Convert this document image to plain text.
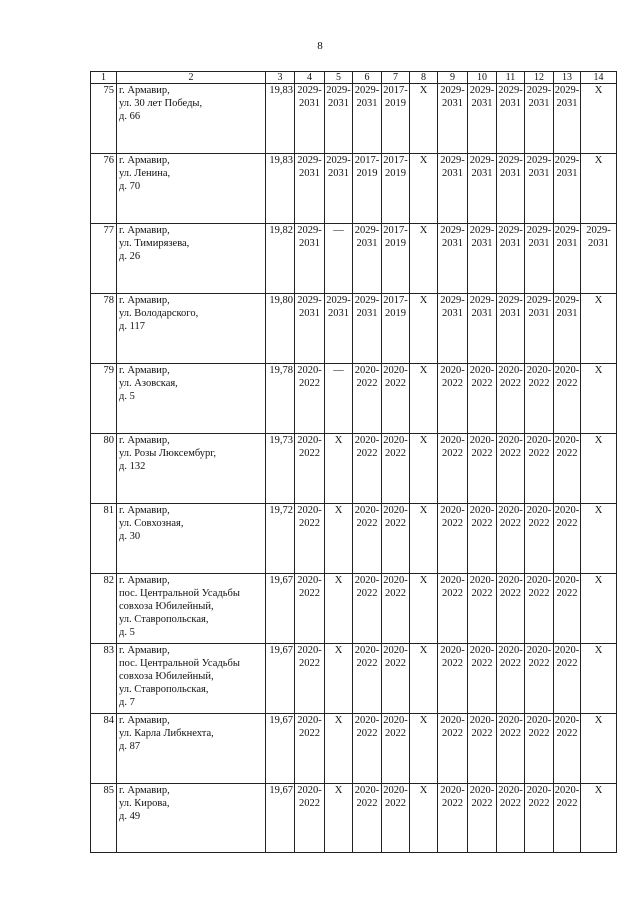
8
1	2	3	4	5	6	7	8	9	10	11	12	13	14
75	г. Армавир,
ул. 30 лет Победы,
д. 66	19,83	2029-
2031	2029-
2031	2029-
2031	2017-
2019	X	2029-
2031	2029-
2031	2029-
2031	2029-
2031	2029-
2031	X
76	г. Армавир,
ул. Ленина,
д. 70	19,83	2029-
2031	2029-
2031	2017-
2019	2017-
2019	X	2029-
2031	2029-
2031	2029-
2031	2029-
2031	2029-
2031	X
77	г. Армавир,
ул. Тимирязева,
д. 26	19,82	2029-
2031	—	2029-
2031	2017-
2019	X	2029-
2031	2029-
2031	2029-
2031	2029-
2031	2029-
2031	2029-
2031
78	г. Армавир,
ул. Володарского,
д. 117	19,80	2029-
2031	2029-
2031	2029-
2031	2017-
2019	X	2029-
2031	2029-
2031	2029-
2031	2029-
2031	2029-
2031	X
79	г. Армавир,
ул. Азовская,
д. 5	19,78	2020-
2022	—	2020-
2022	2020-
2022	X	2020-
2022	2020-
2022	2020-
2022	2020-
2022	2020-
2022	X
80	г. Армавир,
ул. Розы Люксембург,
д. 132	19,73	2020-
2022	X	2020-
2022	2020-
2022	X	2020-
2022	2020-
2022	2020-
2022	2020-
2022	2020-
2022	X
81	г. Армавир,
ул. Совхозная,
д. 30	19,72	2020-
2022	X	2020-
2022	2020-
2022	X	2020-
2022	2020-
2022	2020-
2022	2020-
2022	2020-
2022	X
82	г. Армавир,
пос. Центральной Усадьбы
совхоза Юбилейный,
ул. Ставропольская,
д. 5	19,67	2020-
2022	X	2020-
2022	2020-
2022	X	2020-
2022	2020-
2022	2020-
2022	2020-
2022	2020-
2022	X
83	г. Армавир,
пос. Центральной Усадьбы
совхоза Юбилейный,
ул. Ставропольская,
д. 7	19,67	2020-
2022	X	2020-
2022	2020-
2022	X	2020-
2022	2020-
2022	2020-
2022	2020-
2022	2020-
2022	X
84	г. Армавир,
ул. Карла Либкнехта,
д. 87	19,67	2020-
2022	X	2020-
2022	2020-
2022	X	2020-
2022	2020-
2022	2020-
2022	2020-
2022	2020-
2022	X
85	г. Армавир,
ул. Кирова,
д. 49	19,67	2020-
2022	X	2020-
2022	2020-
2022	X	2020-
2022	2020-
2022	2020-
2022	2020-
2022	2020-
2022	X
